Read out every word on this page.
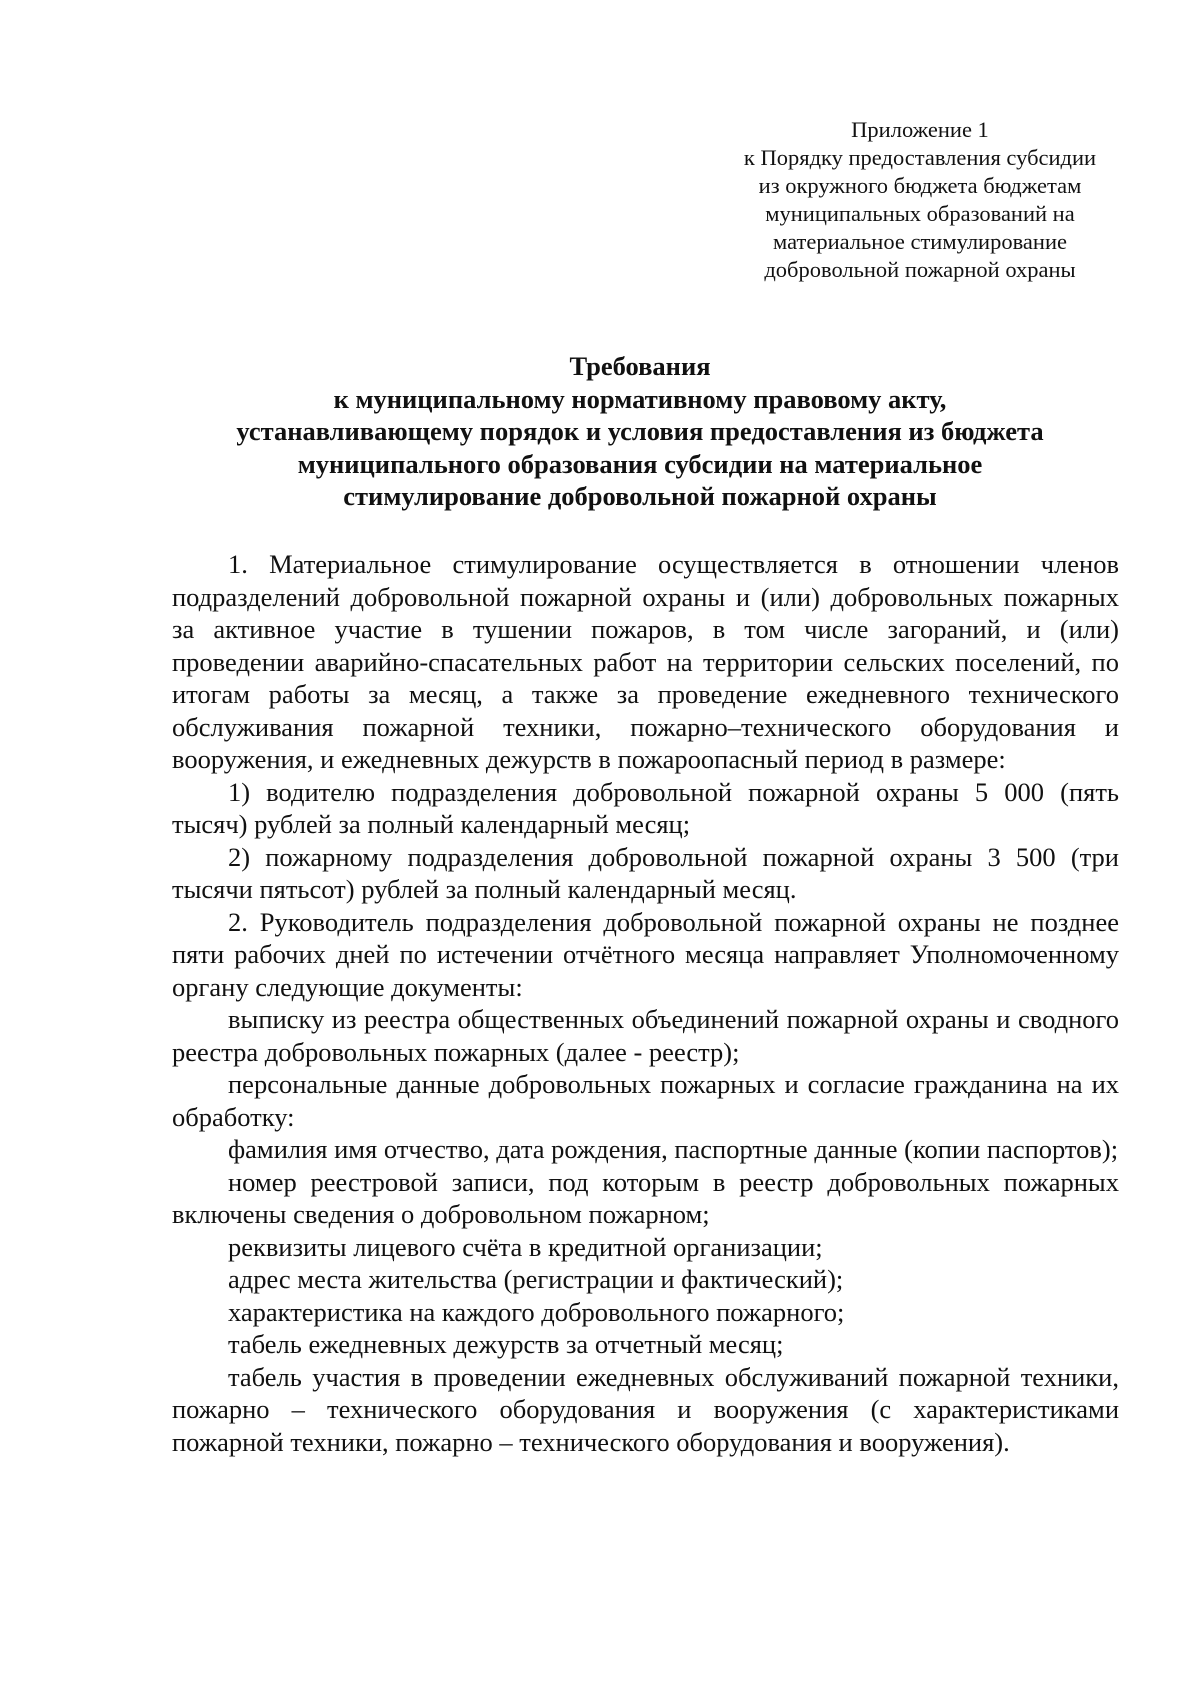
Приложение 1
к Порядку предоставления субсидии
из окружного бюджета бюджетам
муниципальных образований на
материальное стимулирование
добровольной пожарной охраны
Требования
к муниципальному нормативному правовому акту,
устанавливающему порядок и условия предоставления из бюджета
муниципального образования субсидии на материальное
стимулирование добровольной пожарной охраны

1. Материальное стимулирование осуществляется в отношении членов подразделений добровольной пожарной охраны и (или) добровольных пожарных за активное участие в тушении пожаров, в том числе загораний, и (или) проведении аварийно-спасательных работ на территории сельских поселений, по итогам работы за месяц, а также за проведение ежедневного технического обслуживания пожарной техники, пожарно–технического оборудования и вооружения, и ежедневных дежурств в пожароопасный период в размере:

1) водителю подразделения добровольной пожарной охраны 5 000 (пять тысяч) рублей за полный календарный месяц;

2) пожарному подразделения добровольной пожарной охраны 3 500 (три тысячи пятьсот) рублей за полный календарный месяц.

2. Руководитель подразделения добровольной пожарной охраны не позднее пяти рабочих дней по истечении отчётного месяца направляет Уполномоченному органу следующие документы:

выписку из реестра общественных объединений пожарной охраны и сводного реестра добровольных пожарных (далее - реестр);

персональные данные добровольных пожарных и согласие гражданина на их обработку:

фамилия имя отчество, дата рождения, паспортные данные (копии паспортов);

номер реестровой записи, под которым в реестр добровольных пожарных включены сведения о добровольном пожарном;

реквизиты лицевого счёта в кредитной организации;

адрес места жительства (регистрации и фактический);

характеристика на каждого добровольного пожарного;

табель ежедневных дежурств за отчетный месяц;

табель участия в проведении ежедневных обслуживаний пожарной техники, пожарно – технического оборудования и вооружения (с характеристиками пожарной техники, пожарно – технического оборудования и вооружения).
